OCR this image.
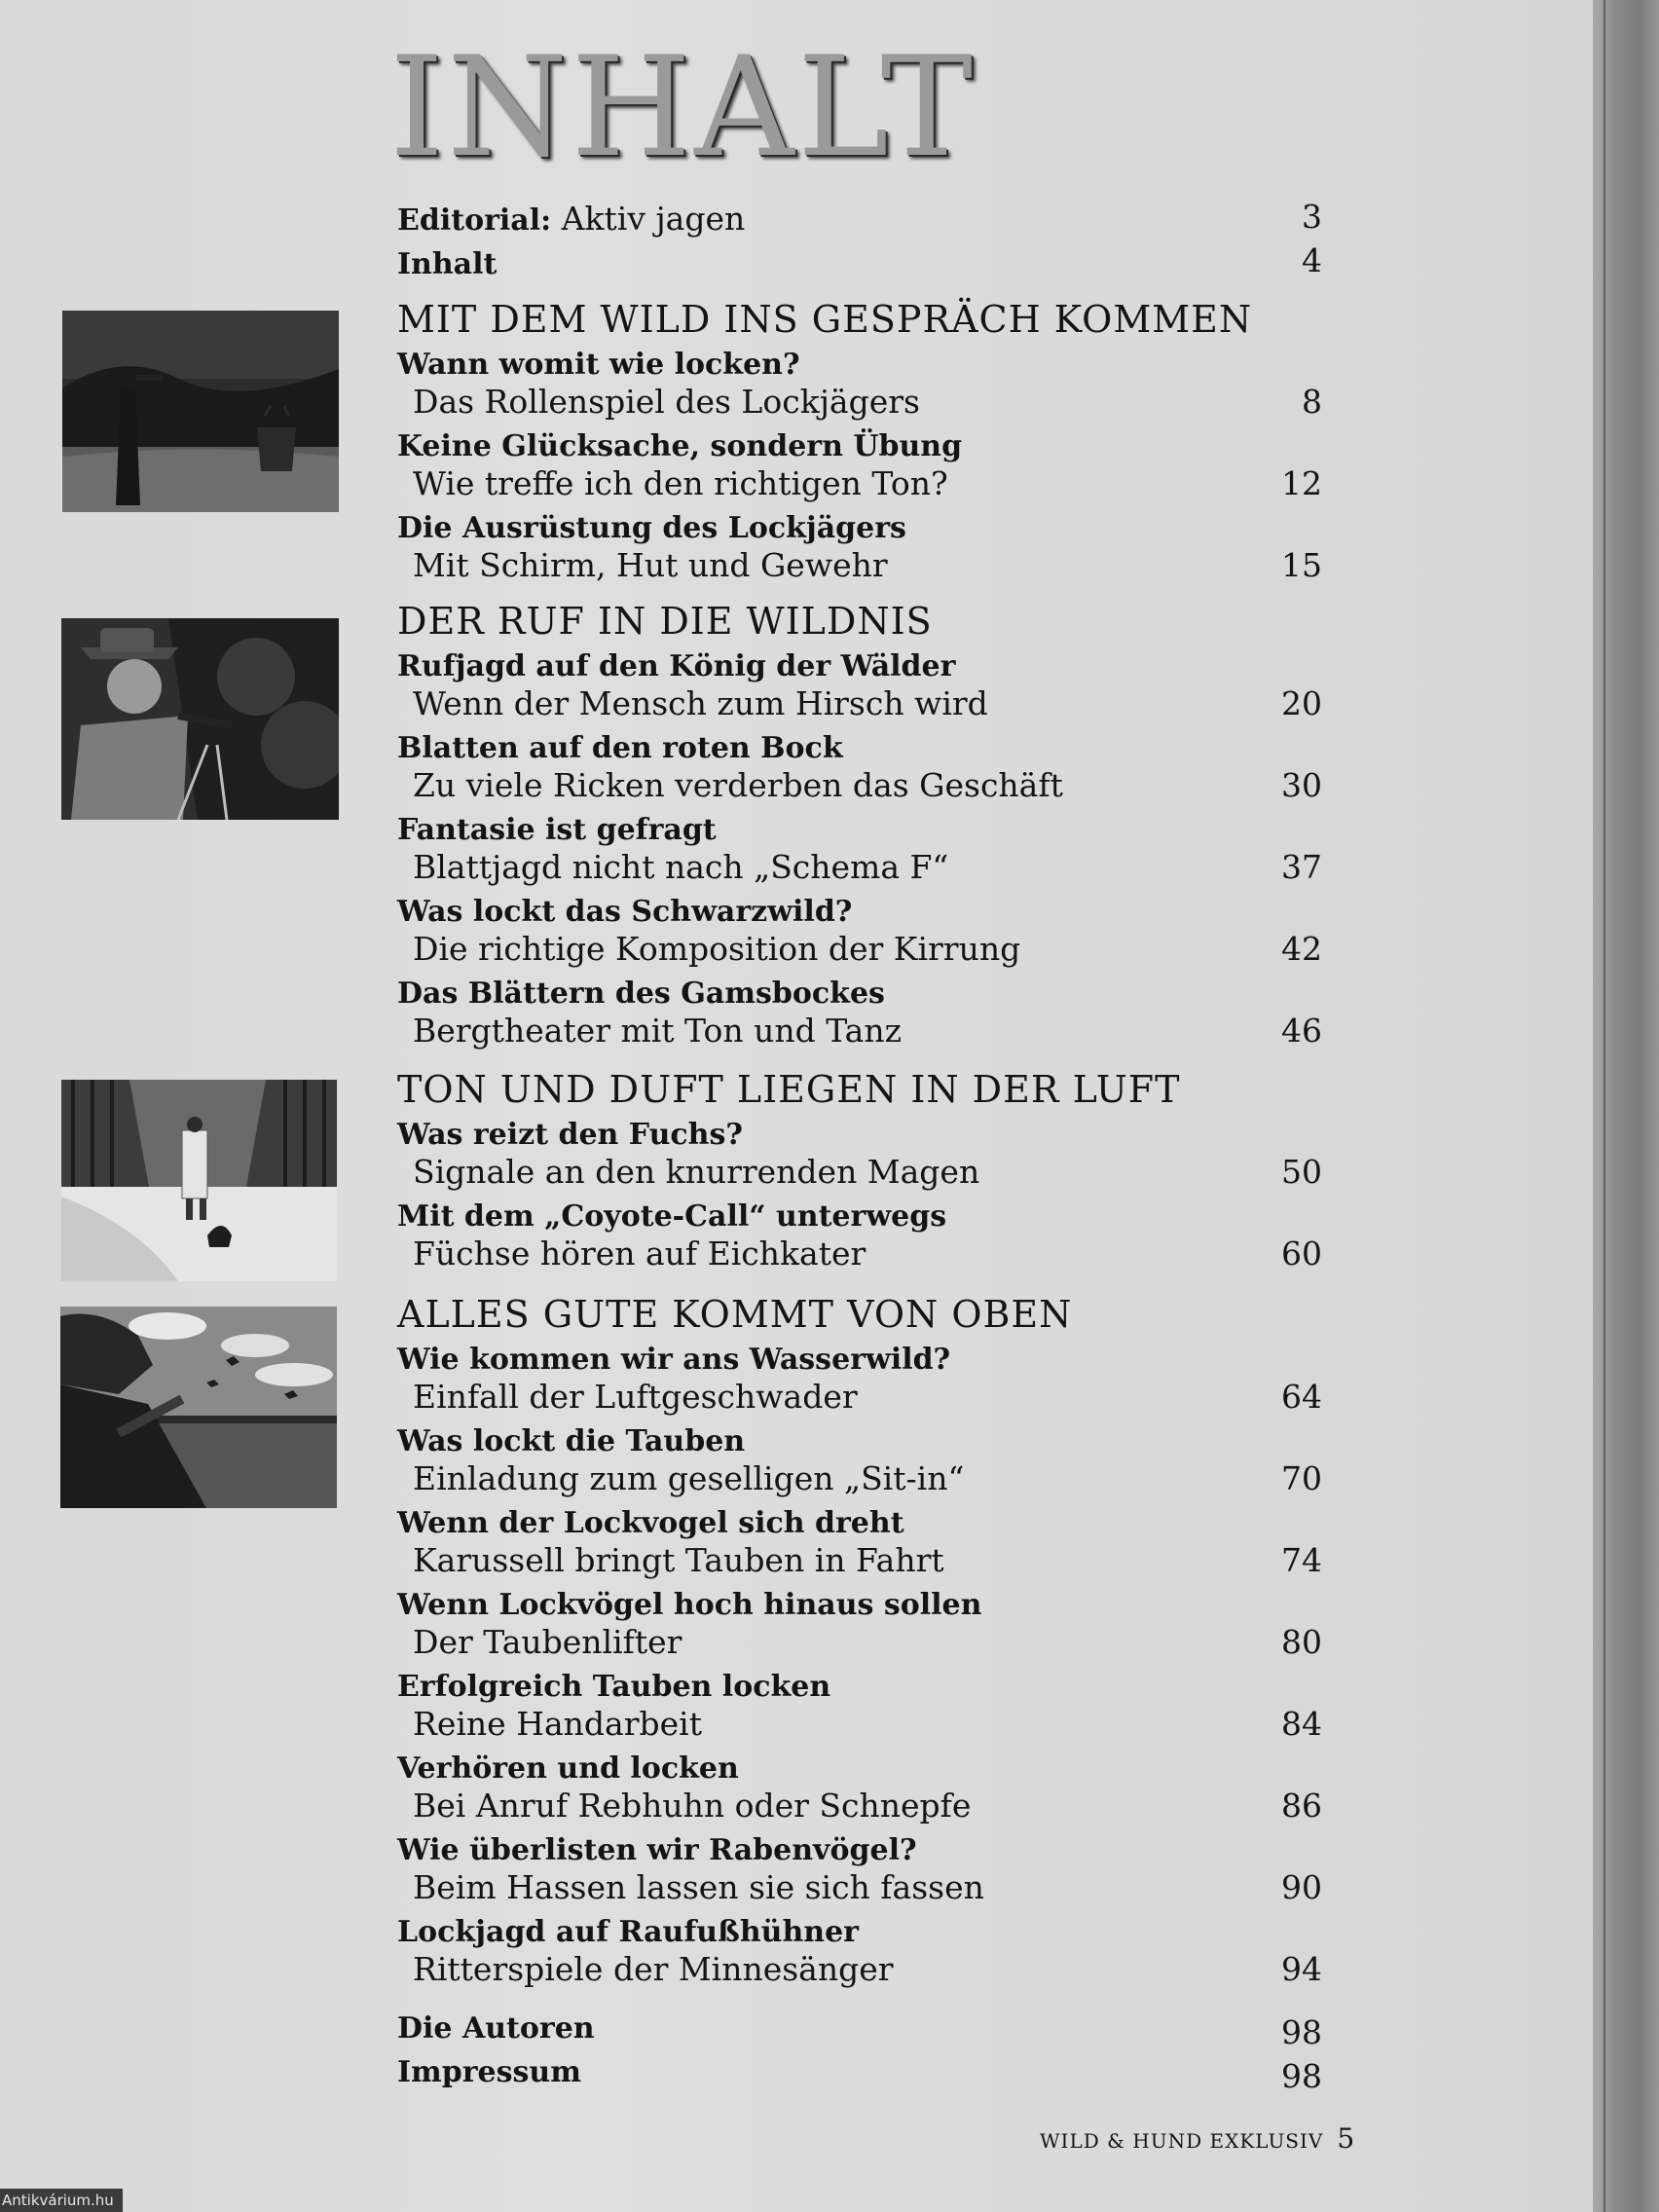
INHALT
Editorial: Aktiv jagen	3
Inhalt	4
MIT DEM WILD INS GESPRÄCH KOMMEN
Wann womit wie locken?
Das Rollenspiel des Lockjägers	8
Keine Glücksache, sondern Übung
Wie treffe ich den richtigen Ton?	12
Die Ausrüstung des Lockjägers
Mit Schirm, Hut und Gewehr	15
DER RUF IN DIE WILDNIS
Rufjagd auf den König der Wälder
Wenn der Mensch zum Hirsch wird	20
Blatten auf den roten Bock
Zu viele Ricken verderben das Geschäft	30
Fantasie ist gefragt
Blattjagd nicht nach „Schema F“	37
Was lockt das Schwarzwild?
Die richtige Komposition der Kirrung	42
Das Blättern des Gamsbockes
Bergtheater mit Ton und Tanz	46
TON UND DUFT LIEGEN IN DER LUFT
Was reizt den Fuchs?
Signale an den knurrenden Magen	50
Mit dem „Coyote-Call“ unterwegs
Füchse hören auf Eichkater	60
ALLES GUTE KOMMT VON OBEN
Wie kommen wir ans Wasserwild?
Einfall der Luftgeschwader	64
Was lockt die Tauben
Einladung zum geselligen „Sit-in“	70
Wenn der Lockvogel sich dreht
Karussell bringt Tauben in Fahrt	74
Wenn Lockvögel hoch hinaus sollen
Der Taubenlifter	80
Erfolgreich Tauben locken
Reine Handarbeit	84
Verhören und locken
Bei Anruf Rebhuhn oder Schnepfe	86
Wie überlisten wir Rabenvögel?
Beim Hassen lassen sie sich fassen	90
Lockjagd auf Raufußhühner
Ritterspiele der Minnesänger	94
Die Autoren	98
Impressum	98
WILD & HUND EXKLUSIV 5
Antikvárium.hu
